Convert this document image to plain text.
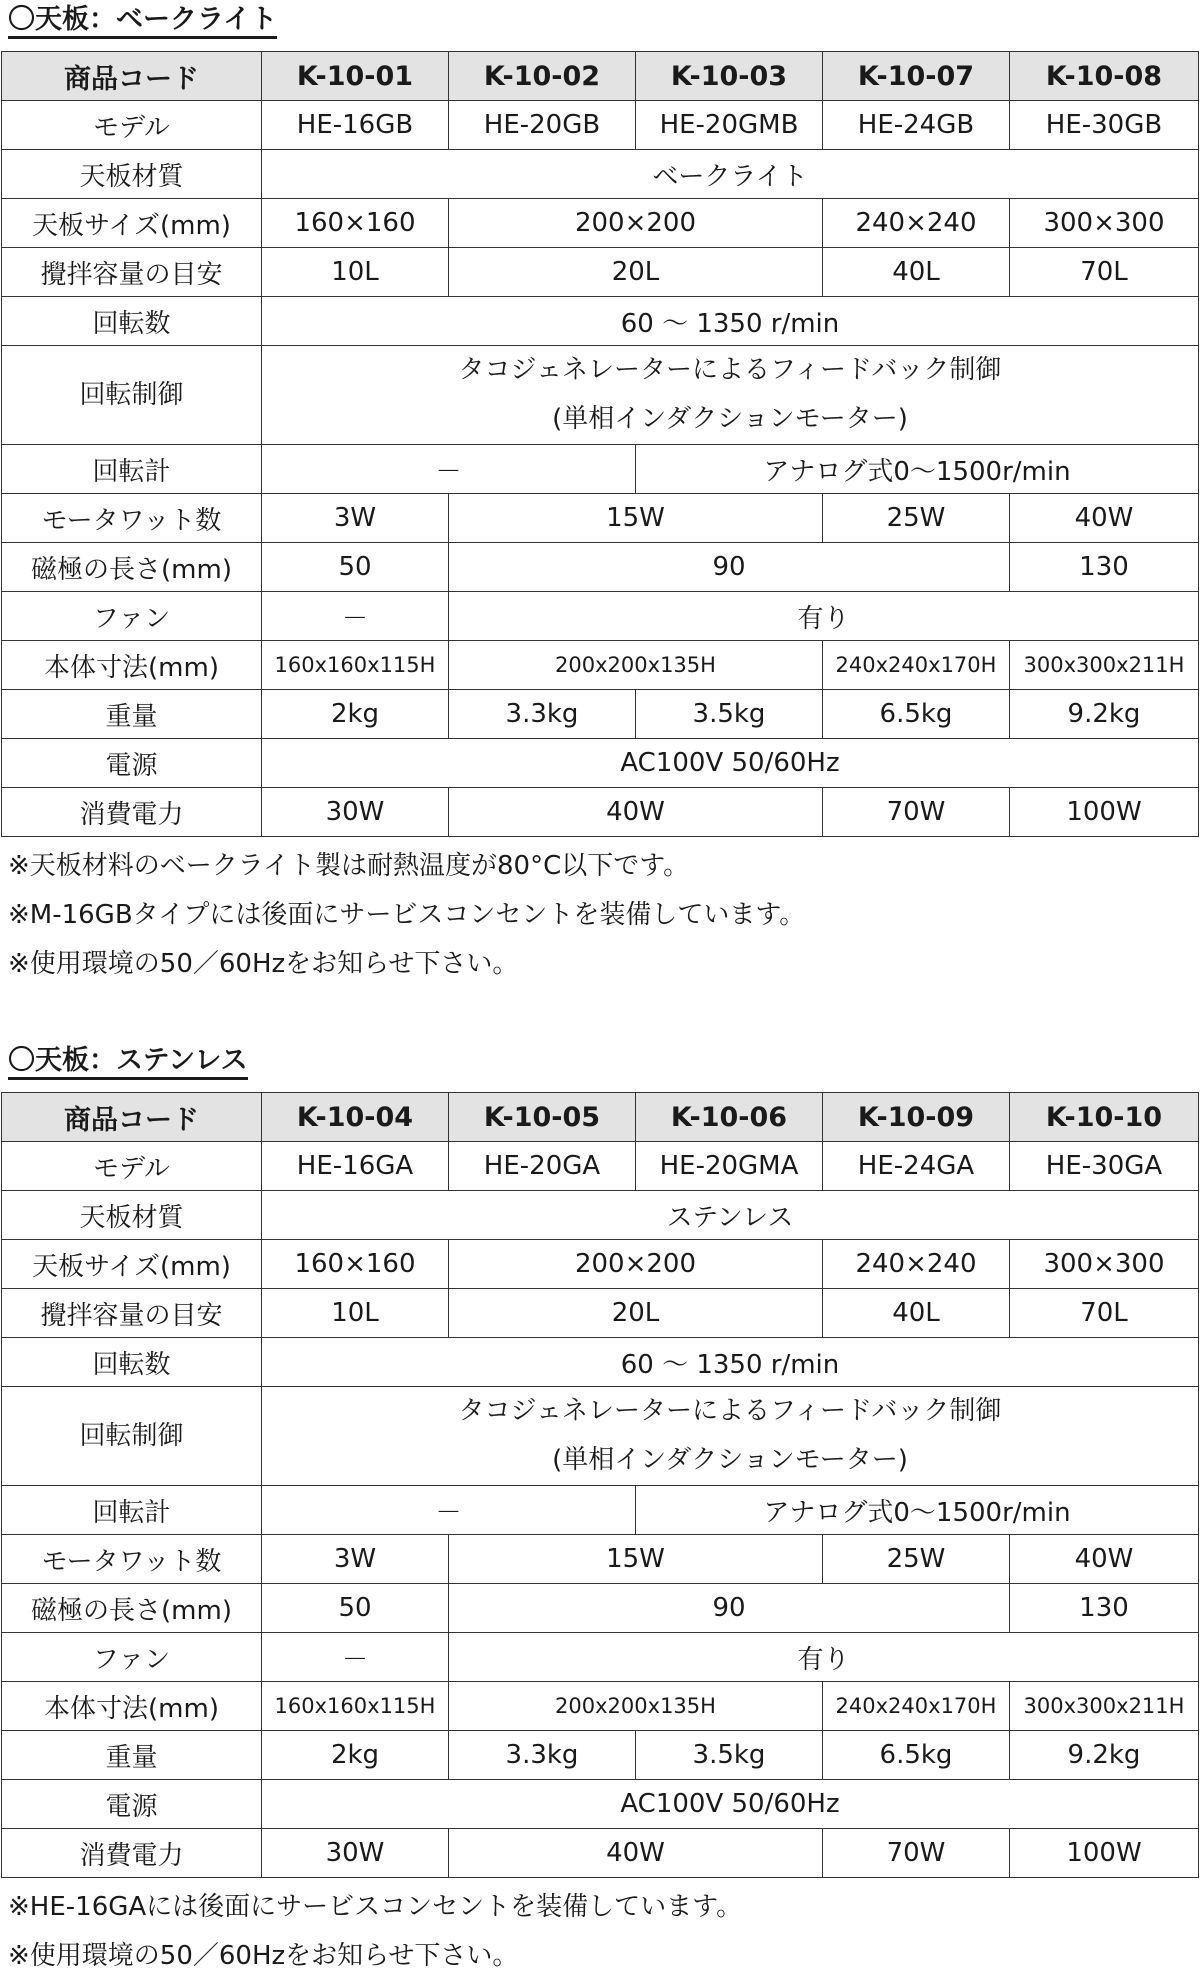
〇天板：ベークライト
商品コード	K-10-01	K-10-02	K-10-03	K-10-07	K-10-08
モデル	HE-16GB	HE-20GB	HE-20GMB	HE-24GB	HE-30GB
天板材質	ベークライト				
天板サイズ(mm)	160×160	200×200		240×240	300×300
攪拌容量の目安	10L	20L		40L	70L
回転数	60 〜 1350 r/min				
回転制御	タコジェネレーターによるフィードバック制御
(単相インダクションモーター)				

回転計	－		アナログ式0〜1500r/min		
モータワット数	3W	15W		25W	40W
磁極の長さ(mm)	50	90			130
ファン	－	有り			
本体寸法(mm)	160x160x115H	200x200x135H		240x240x170H	300x300x211H
重量	2kg	3.3kg	3.5kg	6.5kg	9.2kg
電源	AC100V 50/60Hz				
消費電力	30W	40W		70W	100W
※天板材料のベークライト製は耐熱温度が80°C以下です。
※M-16GBタイプには後面にサービスコンセントを装備しています。
※使用環境の50／60Hzをお知らせ下さい。
〇天板：ステンレス
商品コード	K-10-04	K-10-05	K-10-06	K-10-09	K-10-10
モデル	HE-16GA	HE-20GA	HE-20GMA	HE-24GA	HE-30GA
天板材質	ステンレス				
天板サイズ(mm)	160×160	200×200		240×240	300×300
攪拌容量の目安	10L	20L		40L	70L
回転数	60 〜 1350 r/min				
回転制御	タコジェネレーターによるフィードバック制御
(単相インダクションモーター)				

回転計	－		アナログ式0〜1500r/min		
モータワット数	3W	15W		25W	40W
磁極の長さ(mm)	50	90			130
ファン	－	有り			
本体寸法(mm)	160x160x115H	200x200x135H		240x240x170H	300x300x211H
重量	2kg	3.3kg	3.5kg	6.5kg	9.2kg
電源	AC100V 50/60Hz				
消費電力	30W	40W		70W	100W
※HE-16GAには後面にサービスコンセントを装備しています。
※使用環境の50／60Hzをお知らせ下さい。
